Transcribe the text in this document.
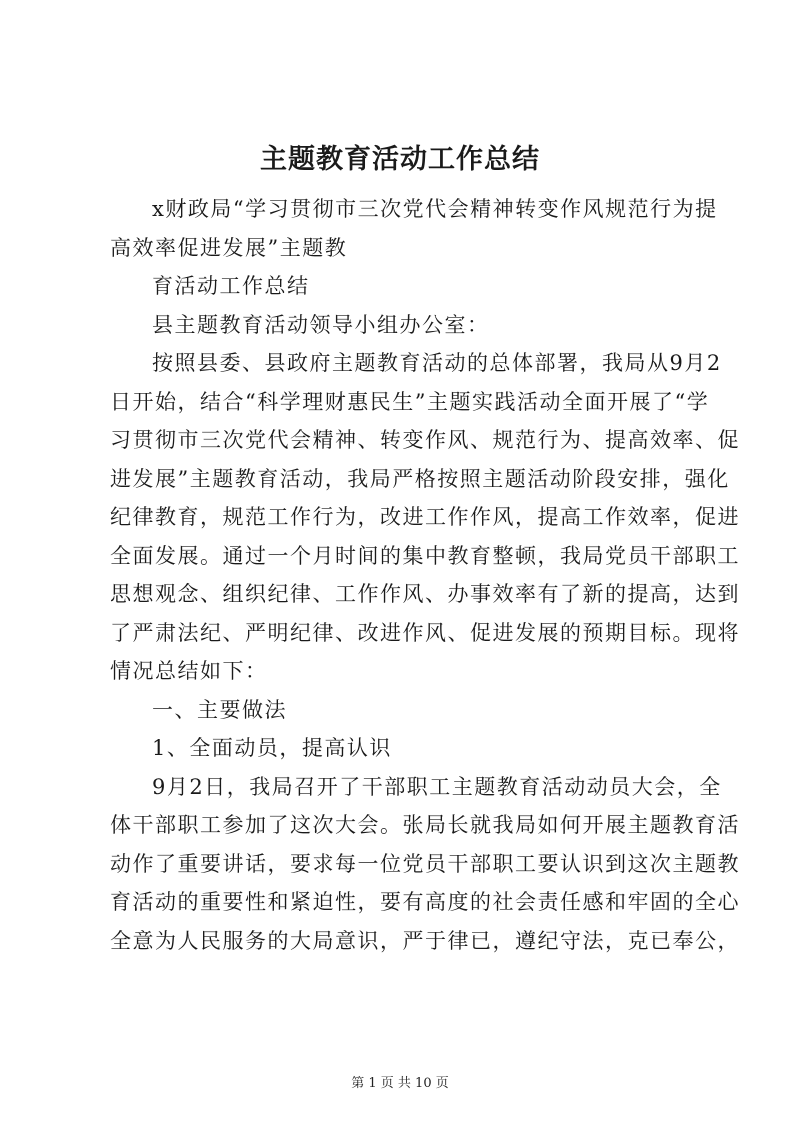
主题教育活动工作总结
x财政局“学习贯彻市三次党代会精神转变作风规范行为提
高效率促进发展”主题教
育活动工作总结
县主题教育活动领导小组办公室：
按照县委、县政府主题教育活动的总体部署，我局从9月2
日开始，结合“科学理财惠民生”主题实践活动全面开展了“学
习贯彻市三次党代会精神、转变作风、规范行为、提高效率、促
进发展”主题教育活动，我局严格按照主题活动阶段安排，强化
纪律教育，规范工作行为，改进工作作风，提高工作效率，促进
全面发展。通过一个月时间的集中教育整顿，我局党员干部职工
思想观念、组织纪律、工作作风、办事效率有了新的提高，达到
了严肃法纪、严明纪律、改进作风、促进发展的预期目标。现将
情况总结如下：
一、主要做法
1、全面动员，提高认识
9月2日，我局召开了干部职工主题教育活动动员大会，全
体干部职工参加了这次大会。张局长就我局如何开展主题教育活
动作了重要讲话，要求每一位党员干部职工要认识到这次主题教
育活动的重要性和紧迫性，要有高度的社会责任感和牢固的全心
全意为人民服务的大局意识，严于律已，遵纪守法，克已奉公，
第 1 页 共 10 页
